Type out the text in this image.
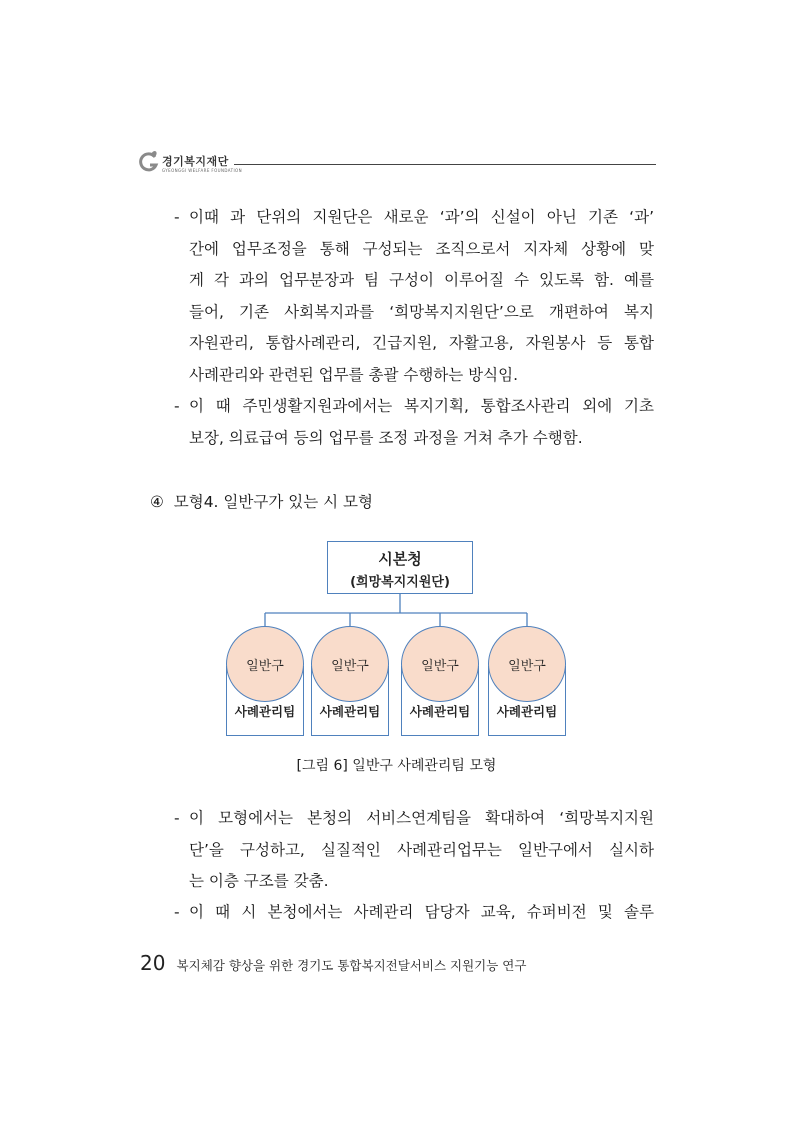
경기복지재단
GYEONGGI WELFARE FOUNDATION
- 이때 과 단위의 지원단은 새로운 ‘과’의 신설이 아닌 기존 ‘과’
간에 업무조정을 통해 구성되는 조직으로서 지자체 상황에 맞
게 각 과의 업무분장과 팀 구성이 이루어질 수 있도록 함. 예를
들어, 기존 사회복지과를 ‘희망복지지원단’으로 개편하여 복지
자원관리, 통합사례관리, 긴급지원, 자활고용, 자원봉사 등 통합
사례관리와 관련된 업무를 총괄 수행하는 방식임.
- 이 때 주민생활지원과에서는 복지기획, 통합조사관리 외에 기초
보장, 의료급여 등의 업무를 조정 과정을 거쳐 추가 수행함.
④  모형4. 일반구가 있는 시 모형
시본청
(희망복지지원단)
일반구
사례관리팀
일반구
사례관리팀
일반구
사례관리팀
일반구
사례관리팀
[그림 6] 일반구 사례관리팀 모형
- 이 모형에서는 본청의 서비스연계팀을 확대하여 ‘희망복지지원
단’을 구성하고, 실질적인 사례관리업무는 일반구에서 실시하
는 이층 구조를 갖춤.
- 이 때 시 본청에서는 사례관리 담당자 교육, 슈퍼비전 및 솔루
20 복지체감 향상을 위한 경기도 통합복지전달서비스 지원기능 연구
